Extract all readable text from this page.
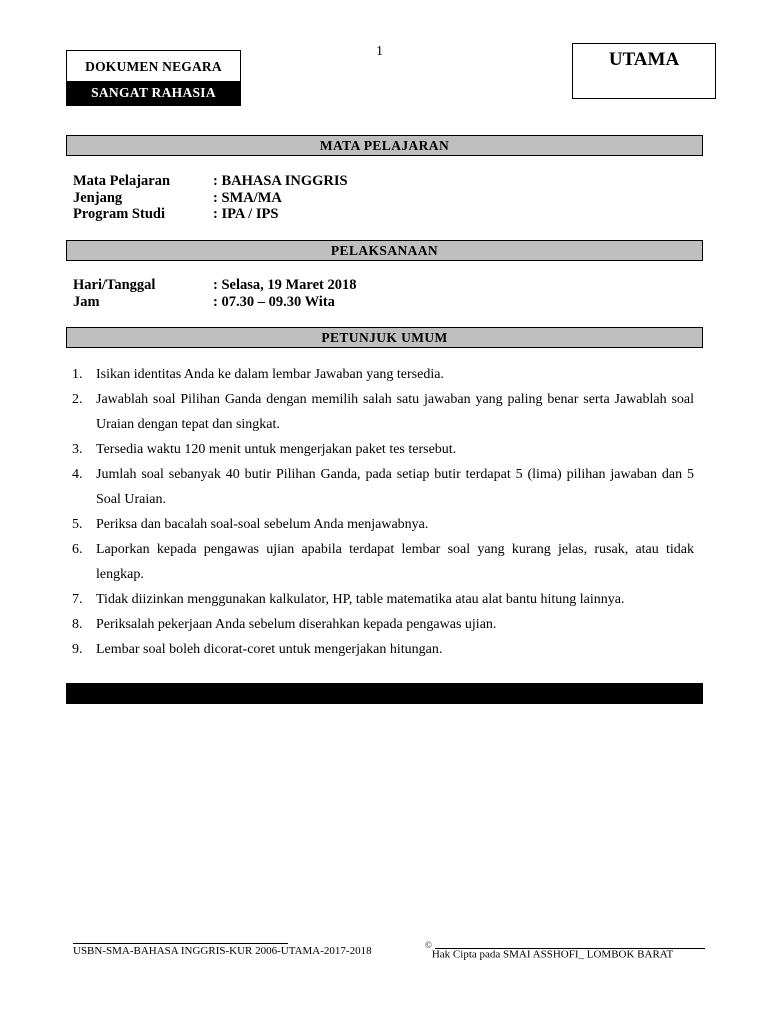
1
DOKUMEN NEGARA
SANGAT RAHASIA
UTAMA
MATA PELAJARAN
Mata Pelajaran	: BAHASA INGGRIS
Jenjang	: SMA/MA
Program Studi	: IPA / IPS
PELAKSANAAN
Hari/Tanggal	: Selasa, 19 Maret 2018
Jam	: 07.30 – 09.30 Wita
PETUNJUK UMUM
1. Isikan identitas Anda ke dalam lembar Jawaban yang tersedia.
2. Jawablah soal Pilihan Ganda dengan memilih salah satu jawaban yang paling benar serta Jawablah soal Uraian dengan tepat dan singkat.
3. Tersedia waktu 120 menit untuk mengerjakan paket tes tersebut.
4. Jumlah soal sebanyak 40 butir Pilihan Ganda, pada setiap butir terdapat 5 (lima) pilihan jawaban dan 5 Soal Uraian.
5. Periksa dan bacalah soal-soal sebelum Anda menjawabnya.
6. Laporkan kepada pengawas ujian apabila terdapat lembar soal yang kurang jelas, rusak, atau tidak lengkap.
7. Tidak diizinkan menggunakan kalkulator, HP, table matematika atau alat bantu hitung lainnya.
8. Periksalah pekerjaan Anda sebelum diserahkan kepada pengawas ujian.
9. Lembar soal boleh dicorat-coret untuk mengerjakan hitungan.
USBN-SMA-BAHASA INGGRIS-KUR 2006-UTAMA-2017-2018	©Hak Cipta pada SMAI ASSHOFI_ LOMBOK BARAT
